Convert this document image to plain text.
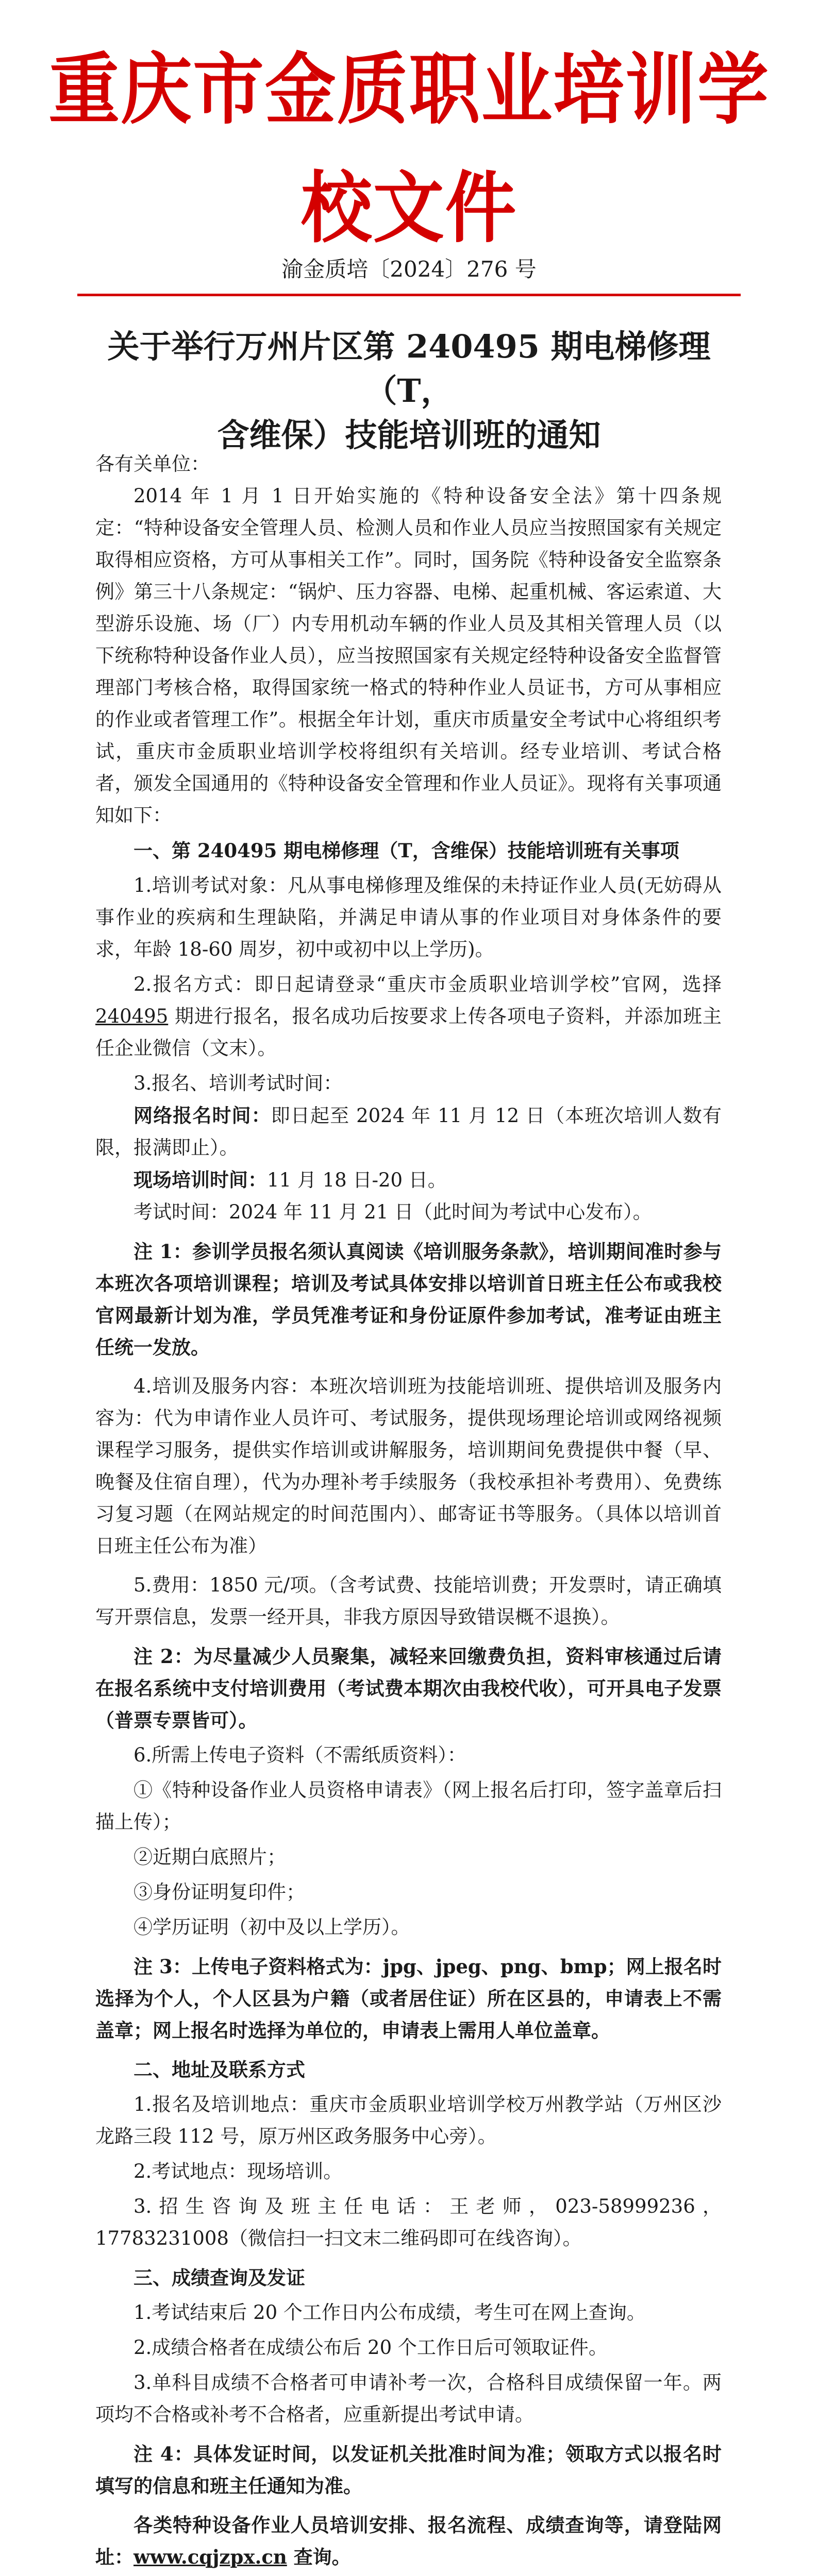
重庆市金质职业培训学校文件
渝金质培〔2024〕276 号
关于举行万州片区第 240495 期电梯修理（T，
含维保）技能培训班的通知

各有关单位：

2014 年 1 月 1 日开始实施的《特种设备安全法》第十四条规定：“特种设备安全管理人员、检测人员和作业人员应当按照国家有关规定取得相应资格，方可从事相关工作”。同时，国务院《特种设备安全监察条例》第三十八条规定：“锅炉、压力容器、电梯、起重机械、客运索道、大型游乐设施、场（厂）内专用机动车辆的作业人员及其相关管理人员（以下统称特种设备作业人员），应当按照国家有关规定经特种设备安全监督管理部门考核合格，取得国家统一格式的特种作业人员证书，方可从事相应的作业或者管理工作”。根据全年计划，重庆市质量安全考试中心将组织考试，重庆市金质职业培训学校将组织有关培训。经专业培训、考试合格者，颁发全国通用的《特种设备安全管理和作业人员证》。现将有关事项通知如下：

一、第 240495 期电梯修理（T，含维保）技能培训班有关事项

1.培训考试对象：凡从事电梯修理及维保的未持证作业人员(无妨碍从事作业的疾病和生理缺陷，并满足申请从事的作业项目对身体条件的要求，年龄 18-60 周岁，初中或初中以上学历)。

2.报名方式：即日起请登录“重庆市金质职业培训学校”官网，选择 240495 期进行报名，报名成功后按要求上传各项电子资料，并添加班主任企业微信（文末）。

3.报名、培训考试时间：

网络报名时间：即日起至 2024 年 11 月 12 日（本班次培训人数有限，报满即止）。

现场培训时间：11 月 18 日-20 日。

考试时间：2024 年 11 月 21 日（此时间为考试中心发布）。

注 1：参训学员报名须认真阅读《培训服务条款》，培训期间准时参与本班次各项培训课程；培训及考试具体安排以培训首日班主任公布或我校官网最新计划为准，学员凭准考证和身份证原件参加考试，准考证由班主任统一发放。

4.培训及服务内容：本班次培训班为技能培训班、提供培训及服务内容为：代为申请作业人员许可、考试服务，提供现场理论培训或网络视频课程学习服务，提供实作培训或讲解服务，培训期间免费提供中餐（早、晚餐及住宿自理），代为办理补考手续服务（我校承担补考费用）、免费练习复习题（在网站规定的时间范围内）、邮寄证书等服务。（具体以培训首日班主任公布为准）

5.费用：1850 元/项。（含考试费、技能培训费；开发票时，请正确填写开票信息，发票一经开具，非我方原因导致错误概不退换）。

注 2：为尽量减少人员聚集，减轻来回缴费负担，资料审核通过后请在报名系统中支付培训费用（考试费本期次由我校代收），可开具电子发票（普票专票皆可）。

6.所需上传电子资料（不需纸质资料）：

①《特种设备作业人员资格申请表》（网上报名后打印，签字盖章后扫描上传）；

②近期白底照片；

③身份证明复印件；

④学历证明（初中及以上学历）。

注 3：上传电子资料格式为：jpg、jpeg、png、bmp；网上报名时选择为个人，个人区县为户籍（或者居住证）所在区县的，申请表上不需盖章；网上报名时选择为单位的，申请表上需用人单位盖章。

二、地址及联系方式

1.报名及培训地点：重庆市金质职业培训学校万州教学站（万州区沙龙路三段 112 号，原万州区政务服务中心旁）。

2.考试地点：现场培训。

3.招生咨询及班主任电话：王老师，023-58999236，17783231008（微信扫一扫文末二维码即可在线咨询）。

三、成绩查询及发证

1.考试结束后 20 个工作日内公布成绩，考生可在网上查询。

2.成绩合格者在成绩公布后 20 个工作日后可领取证件。

3.单科目成绩不合格者可申请补考一次，合格科目成绩保留一年。两项均不合格或补考不合格者，应重新提出考试申请。

注 4：具体发证时间，以发证机关批准时间为准；领取方式以报名时填写的信息和班主任通知为准。

各类特种设备作业人员培训安排、报名流程、成绩查询等，请登陆网址：www.cqjzpx.cn 查询。
